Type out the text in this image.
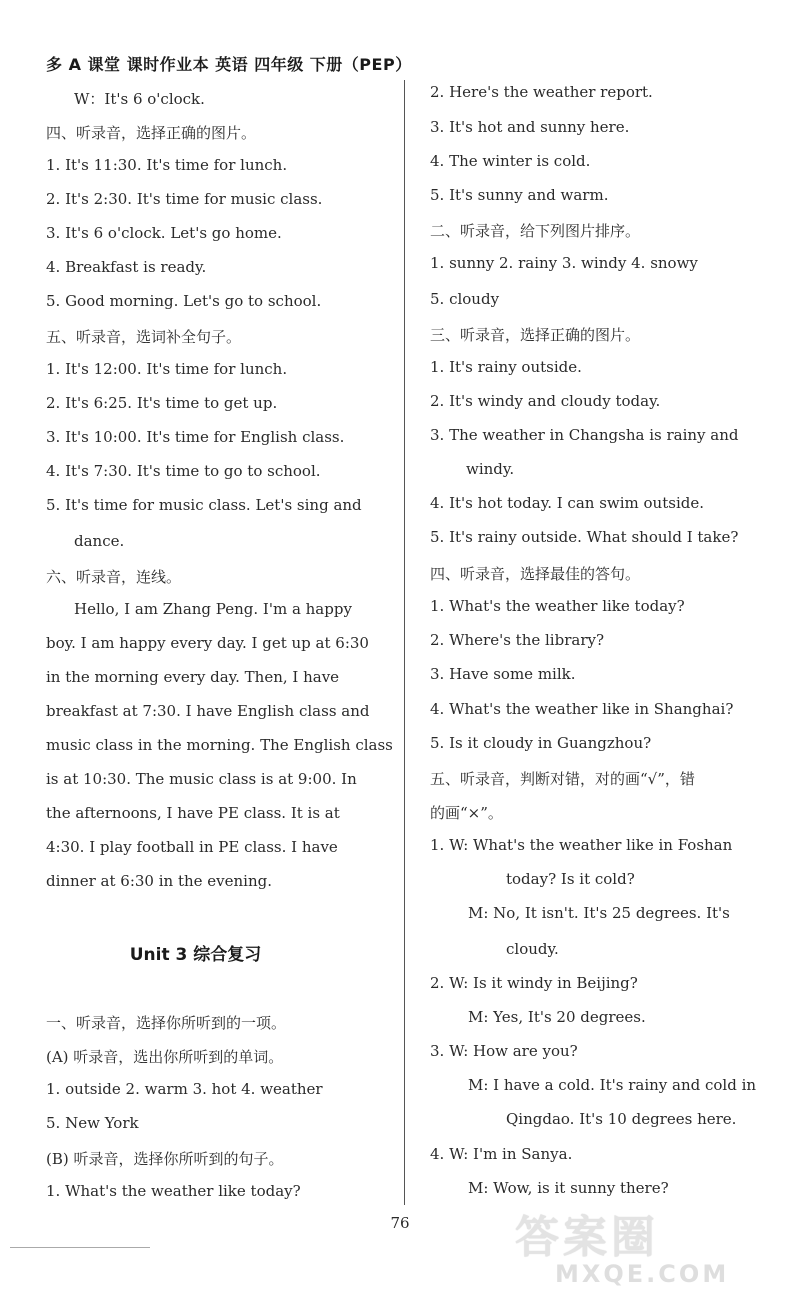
多 A 课堂 课时作业本 英语 四年级 下册（PEP）
W：It's 6 o'clock.
四、听录音，选择正确的图片。
1. It's 11:30. It's time for lunch.
2. It's 2:30. It's time for music class.
3. It's 6 o'clock. Let's go home.
4. Breakfast is ready.
5. Good morning. Let's go to school.
五、听录音，选词补全句子。
1. It's 12:00. It's time for lunch.
2. It's 6:25. It's time to get up.
3. It's 10:00. It's time for English class.
4. It's 7:30. It's time to go to school.
5. It's time for music class. Let's sing and
dance.
六、听录音，连线。
Hello, I am Zhang Peng. I'm a happy
boy. I am happy every day. I get up at 6:30
in the morning every day. Then, I have
breakfast at 7:30. I have English class and
music class in the morning. The English class
is at 10:30. The music class is at 9:00. In
the afternoons, I have PE class. It is at
4:30. I play football in PE class. I have
dinner at 6:30 in the evening.
Unit 3 综合复习
一、听录音，选择你所听到的一项。
(A) 听录音，选出你所听到的单词。
1. outside 2. warm 3. hot 4. weather
5. New York
(B) 听录音，选择你所听到的句子。
1. What's the weather like today?
2. Here's the weather report.
3. It's hot and sunny here.
4. The winter is cold.
5. It's sunny and warm.
二、听录音，给下列图片排序。
1. sunny 2. rainy 3. windy 4. snowy
5. cloudy
三、听录音，选择正确的图片。
1. It's rainy outside.
2. It's windy and cloudy today.
3. The weather in Changsha is rainy and
windy.
4. It's hot today. I can swim outside.
5. It's rainy outside. What should I take?
四、听录音，选择最佳的答句。
1. What's the weather like today?
2. Where's the library?
3. Have some milk.
4. What's the weather like in Shanghai?
5. Is it cloudy in Guangzhou?
五、听录音，判断对错，对的画“√”，错
的画“×”。
1. W: What's the weather like in Foshan
today? Is it cold?
M: No, It isn't. It's 25 degrees. It's
cloudy.
2. W: Is it windy in Beijing?
M: Yes, It's 20 degrees.
3. W: How are you?
M: I have a cold. It's rainy and cold in
Qingdao. It's 10 degrees here.
4. W: I'm in Sanya.
M: Wow, is it sunny there?
76	答案圈
MXQE.COM
